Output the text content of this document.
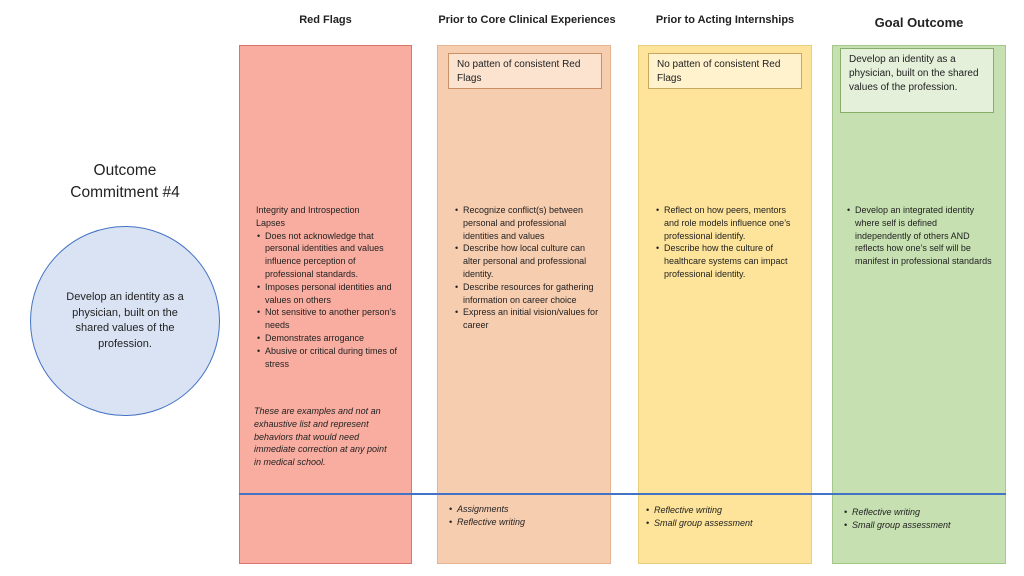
Red Flags	Prior to Core Clinical Experiences	Prior to Acting Internships	Goal Outcome
Outcome
Commitment #4
Develop an identity as a physician, built on the shared values of the profession.
No patten of consistent Red Flags
No patten of consistent Red Flags
Develop an identity as a physician, built on the shared values of the profession.
Integrity and Introspection
Lapses
• Does not acknowledge that personal identities and values influence perception of professional standards.
• Imposes personal identities and values on others
• Not sensitive to another person’s needs
• Demonstrates arrogance
• Abusive or critical during times of stress
These are examples and not an exhaustive list and represent behaviors that would need immediate correction at any point in medical school.
• Recognize conflict(s) between personal and professional identities and values
• Describe how local culture can alter personal and professional identity.
• Describe resources for gathering information on career choice
• Express an initial vision/values for career
• Assignments
• Reflective writing
• Reflect on how peers, mentors and role models influence one’s professional identify.
• Describe how the culture of healthcare systems can impact professional identity.
• Reflective writing
• Small group assessment
• Develop an integrated identity where self is defined independently of others AND reflects how one’s self will be manifest in professional standards
• Reflective writing
• Small group assessment
